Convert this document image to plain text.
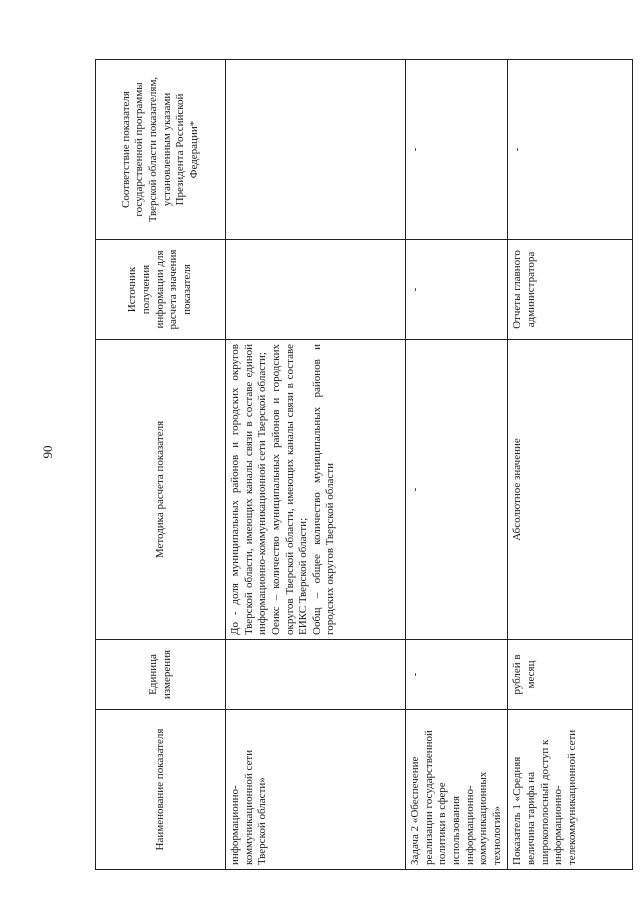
90
Наименование показателя	Единица измерения	Методика расчета показателя	Источник получения информации для расчета значения показателя	Соответствие показателя государственной программы Тверской области показателям, установленным указами Президента Российской Федерации*
информационно-коммуникационной сети Тверской области»		До - доля муниципальных районов и городских округов Тверской области, имеющих каналы связи в составе единой информационно-коммуникационной сети Тверской области; Оеикс – количество муниципальных районов и городских округов Тверской области, имеющих каналы связи в составе ЕИКС Тверской области; Ообщ – общее количество муниципальных районов и городских округов Тверской области		

Задача 2 «Обеспечение реализации государственной политики в сфере использования информационно-коммуникационных технологий»	-	-	-	-
Показатель 1 «Средняя величина тарифа на широкополосный доступ к информационно-телекоммуникационной сети	рублей в месяц	Абсолютное значение	Отчеты главного администратора	-
